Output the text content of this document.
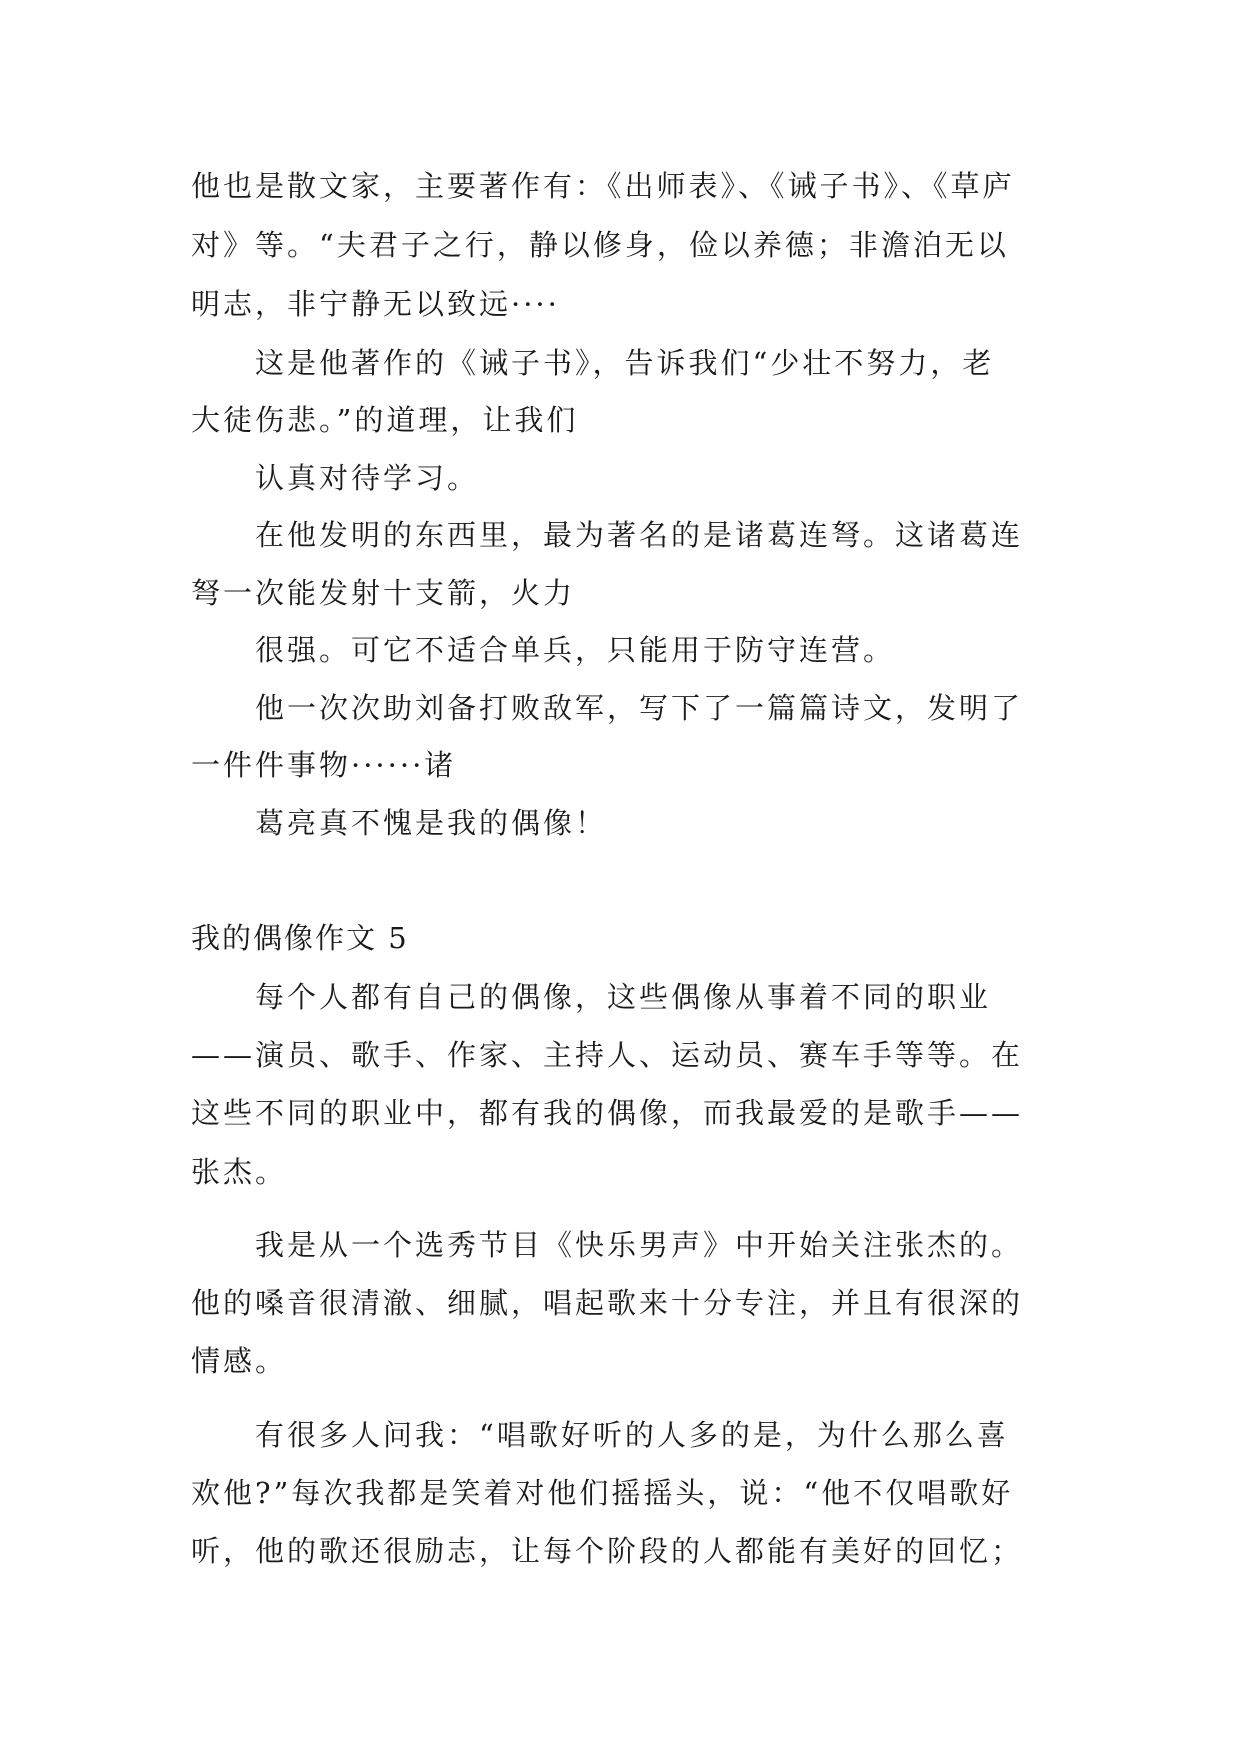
他也是散文家，主要著作有：《出师表》、《诫子书》、《草庐
对》等。“夫君子之行，静以修身，俭以养德；非澹泊无以
明志，非宁静无以致远····
这是他著作的《诫子书》，告诉我们“少壮不努力，老
大徒伤悲。”的道理，让我们
认真对待学习。
在他发明的东西里，最为著名的是诸葛连弩。这诸葛连
弩一次能发射十支箭，火力
很强。可它不适合单兵，只能用于防守连营。
他一次次助刘备打败敌军，写下了一篇篇诗文，发明了
一件件事物······诸
葛亮真不愧是我的偶像！
我的偶像作文 5
每个人都有自己的偶像，这些偶像从事着不同的职业
——演员、歌手、作家、主持人、运动员、赛车手等等。在
这些不同的职业中，都有我的偶像，而我最爱的是歌手——
张杰。
我是从一个选秀节目《快乐男声》中开始关注张杰的。
他的嗓音很清澈、细腻，唱起歌来十分专注，并且有很深的
情感。
有很多人问我：“唱歌好听的人多的是，为什么那么喜
欢他?”每次我都是笑着对他们摇摇头，说：“他不仅唱歌好
听，他的歌还很励志，让每个阶段的人都能有美好的回忆；
